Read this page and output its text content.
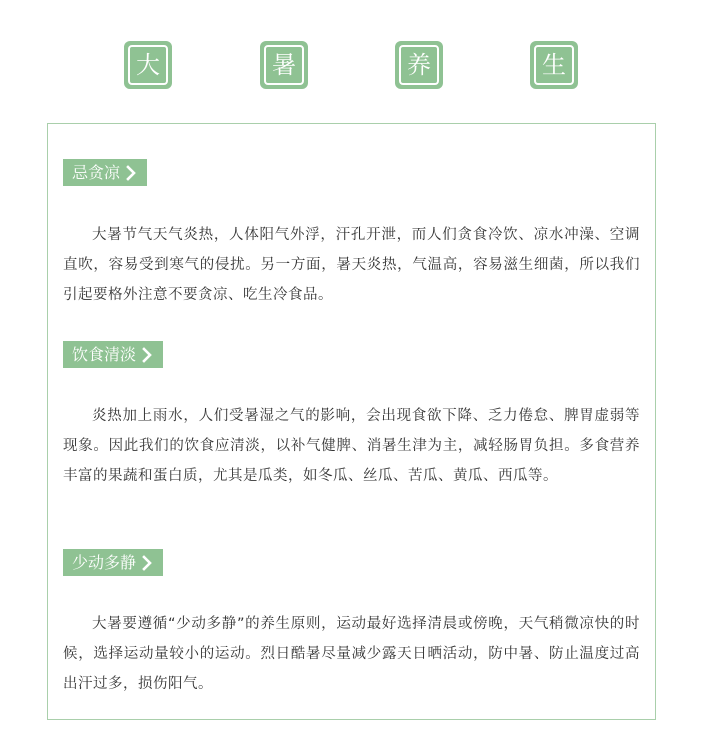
大	暑	养	生
忌贪凉
大暑节气天气炎热，人体阳气外浮，汗孔开泄，而人们贪食冷饮、凉水冲澡、空调直吹，容易受到寒气的侵扰。另一方面，暑天炎热，气温高，容易滋生细菌，所以我们引起要格外注意不要贪凉、吃生冷食品。
饮食清淡
炎热加上雨水，人们受暑湿之气的影响，会出现食欲下降、乏力倦怠、脾胃虚弱等现象。因此我们的饮食应清淡，以补气健脾、消暑生津为主，减轻肠胃负担。多食营养丰富的果蔬和蛋白质，尤其是瓜类，如冬瓜、丝瓜、苦瓜、黄瓜、西瓜等。
少动多静
大暑要遵循“少动多静”的养生原则，运动最好选择清晨或傍晚，天气稍微凉快的时候，选择运动量较小的运动。烈日酷暑尽量减少露天日晒活动，防中暑、防止温度过高出汗过多，损伤阳气。
